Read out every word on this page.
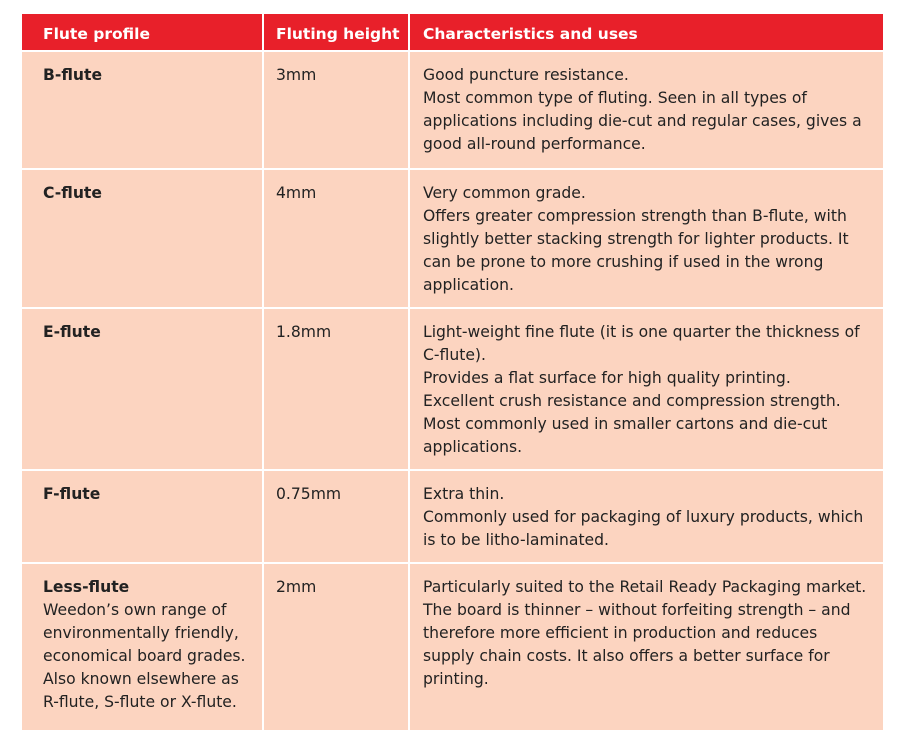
Flute profile	Fluting height	Characteristics and uses

B-flute	3mm	Good puncture resistance.
Most common type of fluting. Seen in all types of applications including die-cut and regular cases, gives a good all-round performance.

C-flute	4mm	Very common grade.
Offers greater compression strength than B-flute, with slightly better stacking strength for lighter products. It can be prone to more crushing if used in the wrong application.

E-flute	1.8mm	Light-weight fine flute (it is one quarter the thickness of C-flute).
Provides a flat surface for high quality printing.
Excellent crush resistance and compression strength.
Most commonly used in smaller cartons and die-cut applications.

F-flute	0.75mm	Extra thin.
Commonly used for packaging of luxury products, which is to be litho-laminated.

Less-flute
Weedon’s own range of environmentally friendly, economical board grades. Also known elsewhere as R-flute, S-flute or X-flute.	2mm	Particularly suited to the Retail Ready Packaging market.
The board is thinner – without forfeiting strength – and therefore more efficient in production and reduces supply chain costs. It also offers a better surface for printing.
